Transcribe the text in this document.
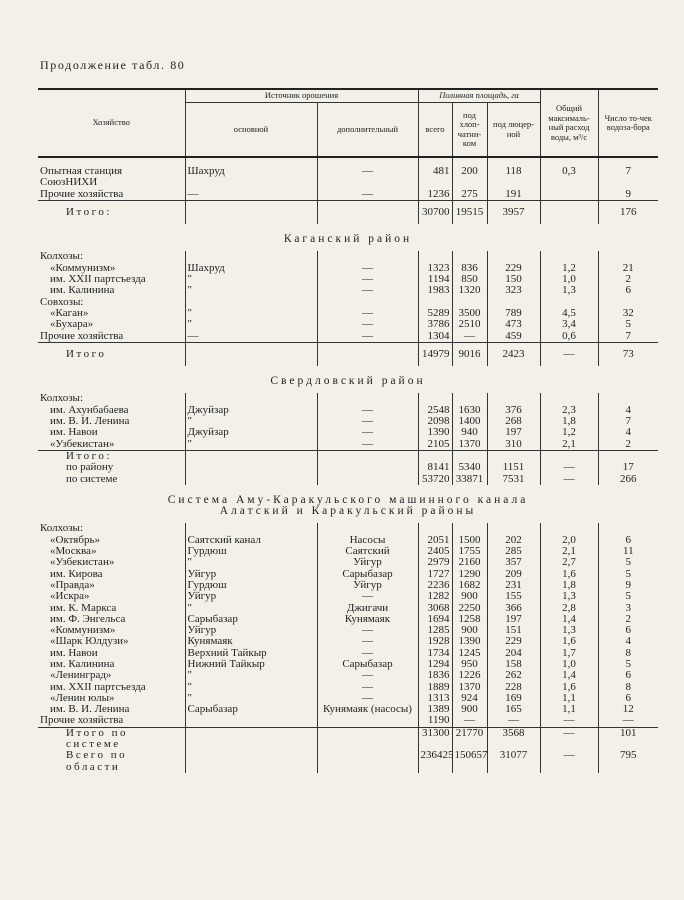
Продолжение табл. 80
Хозяйство	Источник орошения		Поливная площадь, га			Общий максималь-ный расход воды, м³/с	Число то-чек водоза-бора
	основной	дополнительный	всего	под хлоп-чатни-ком	под люцер-ной		

Опытная станция	Шахруд	—	481	200	118	0,3	7
СоюзНИХИ							
Прочие хозяйства	—	—	1236	275	191		9

Итого:			30700	19515	3957		176

Каганский район							

Колхозы:							
«Коммунизм»	Шахруд	—	1323	836	229	1,2	21
им. XXII партсъезда	"	—	1194	850	150	1,0	2
им. Калинина	"	—	1983	1320	323	1,3	6
Совхозы:							
«Каган»	"	—	5289	3500	789	4,5	32
«Бухара»	"	—	3786	2510	473	3,4	5
Прочие хозяйства	—	—	1304	—	459	0,6	7

Итого			14979	9016	2423	—	73

Свердловский район							

Колхозы:							
им. Ахунбабаева	Джуйзар	—	2548	1630	376	2,3	4
им. В. И. Ленина	"	—	2098	1400	268	1,8	7
им. Навои	Джуйзар	—	1390	940	197	1,2	4
«Узбекистан»	"	—	2105	1370	310	2,1	2

Итого:							
по району			8141	5340	1151	—	17
по системе			53720	33871	7531	—	266

Система Аму-Каракульского машинного канала
Алатский и Каракульский районы							

Колхозы:							
«Октябрь»	Саятский канал	Насосы	2051	1500	202	2,0	6
«Москва»	Гурдюш	Саятский	2405	1755	285	2,1	11
«Узбекистан»	"	Уйгур	2979	2160	357	2,7	5
им. Кирова	Уйгур	Сарыбазар	1727	1290	209	1,6	5
«Правда»	Гурдюш	Уйгур	2236	1682	231	1,8	9
«Искра»	Уйгур	—	1282	900	155	1,3	5
им. К. Маркса	"	Джигачи	3068	2250	366	2,8	3
им. Ф. Энгельса	Сарыбазар	Кунямаяк	1694	1258	197	1,4	2
«Коммунизм»	Уйгур	—	1285	900	151	1,3	6
«Шарк Юлдузи»	Кунямаяк	—	1928	1390	229	1,6	4
им. Навои	Верхний Тайкыр	—	1734	1245	204	1,7	8
им. Калинина	Нижний Тайкыр	Сарыбазар	1294	950	158	1,0	5
«Ленинград»	"	—	1836	1226	262	1,4	6
им. XXII партсъезда	"	—	1889	1370	228	1,6	8
«Ленин юлы»	"	—	1313	924	169	1,1	6
им. В. И. Ленина	Сарыбазар	Кунямаяк (насосы)	1389	900	165	1,1	12
Прочие хозяйства			1190	—	—	—	—

Итого по системе			31300	21770	3568	—	101
Всего по области			236425	150657	31077	—	795
